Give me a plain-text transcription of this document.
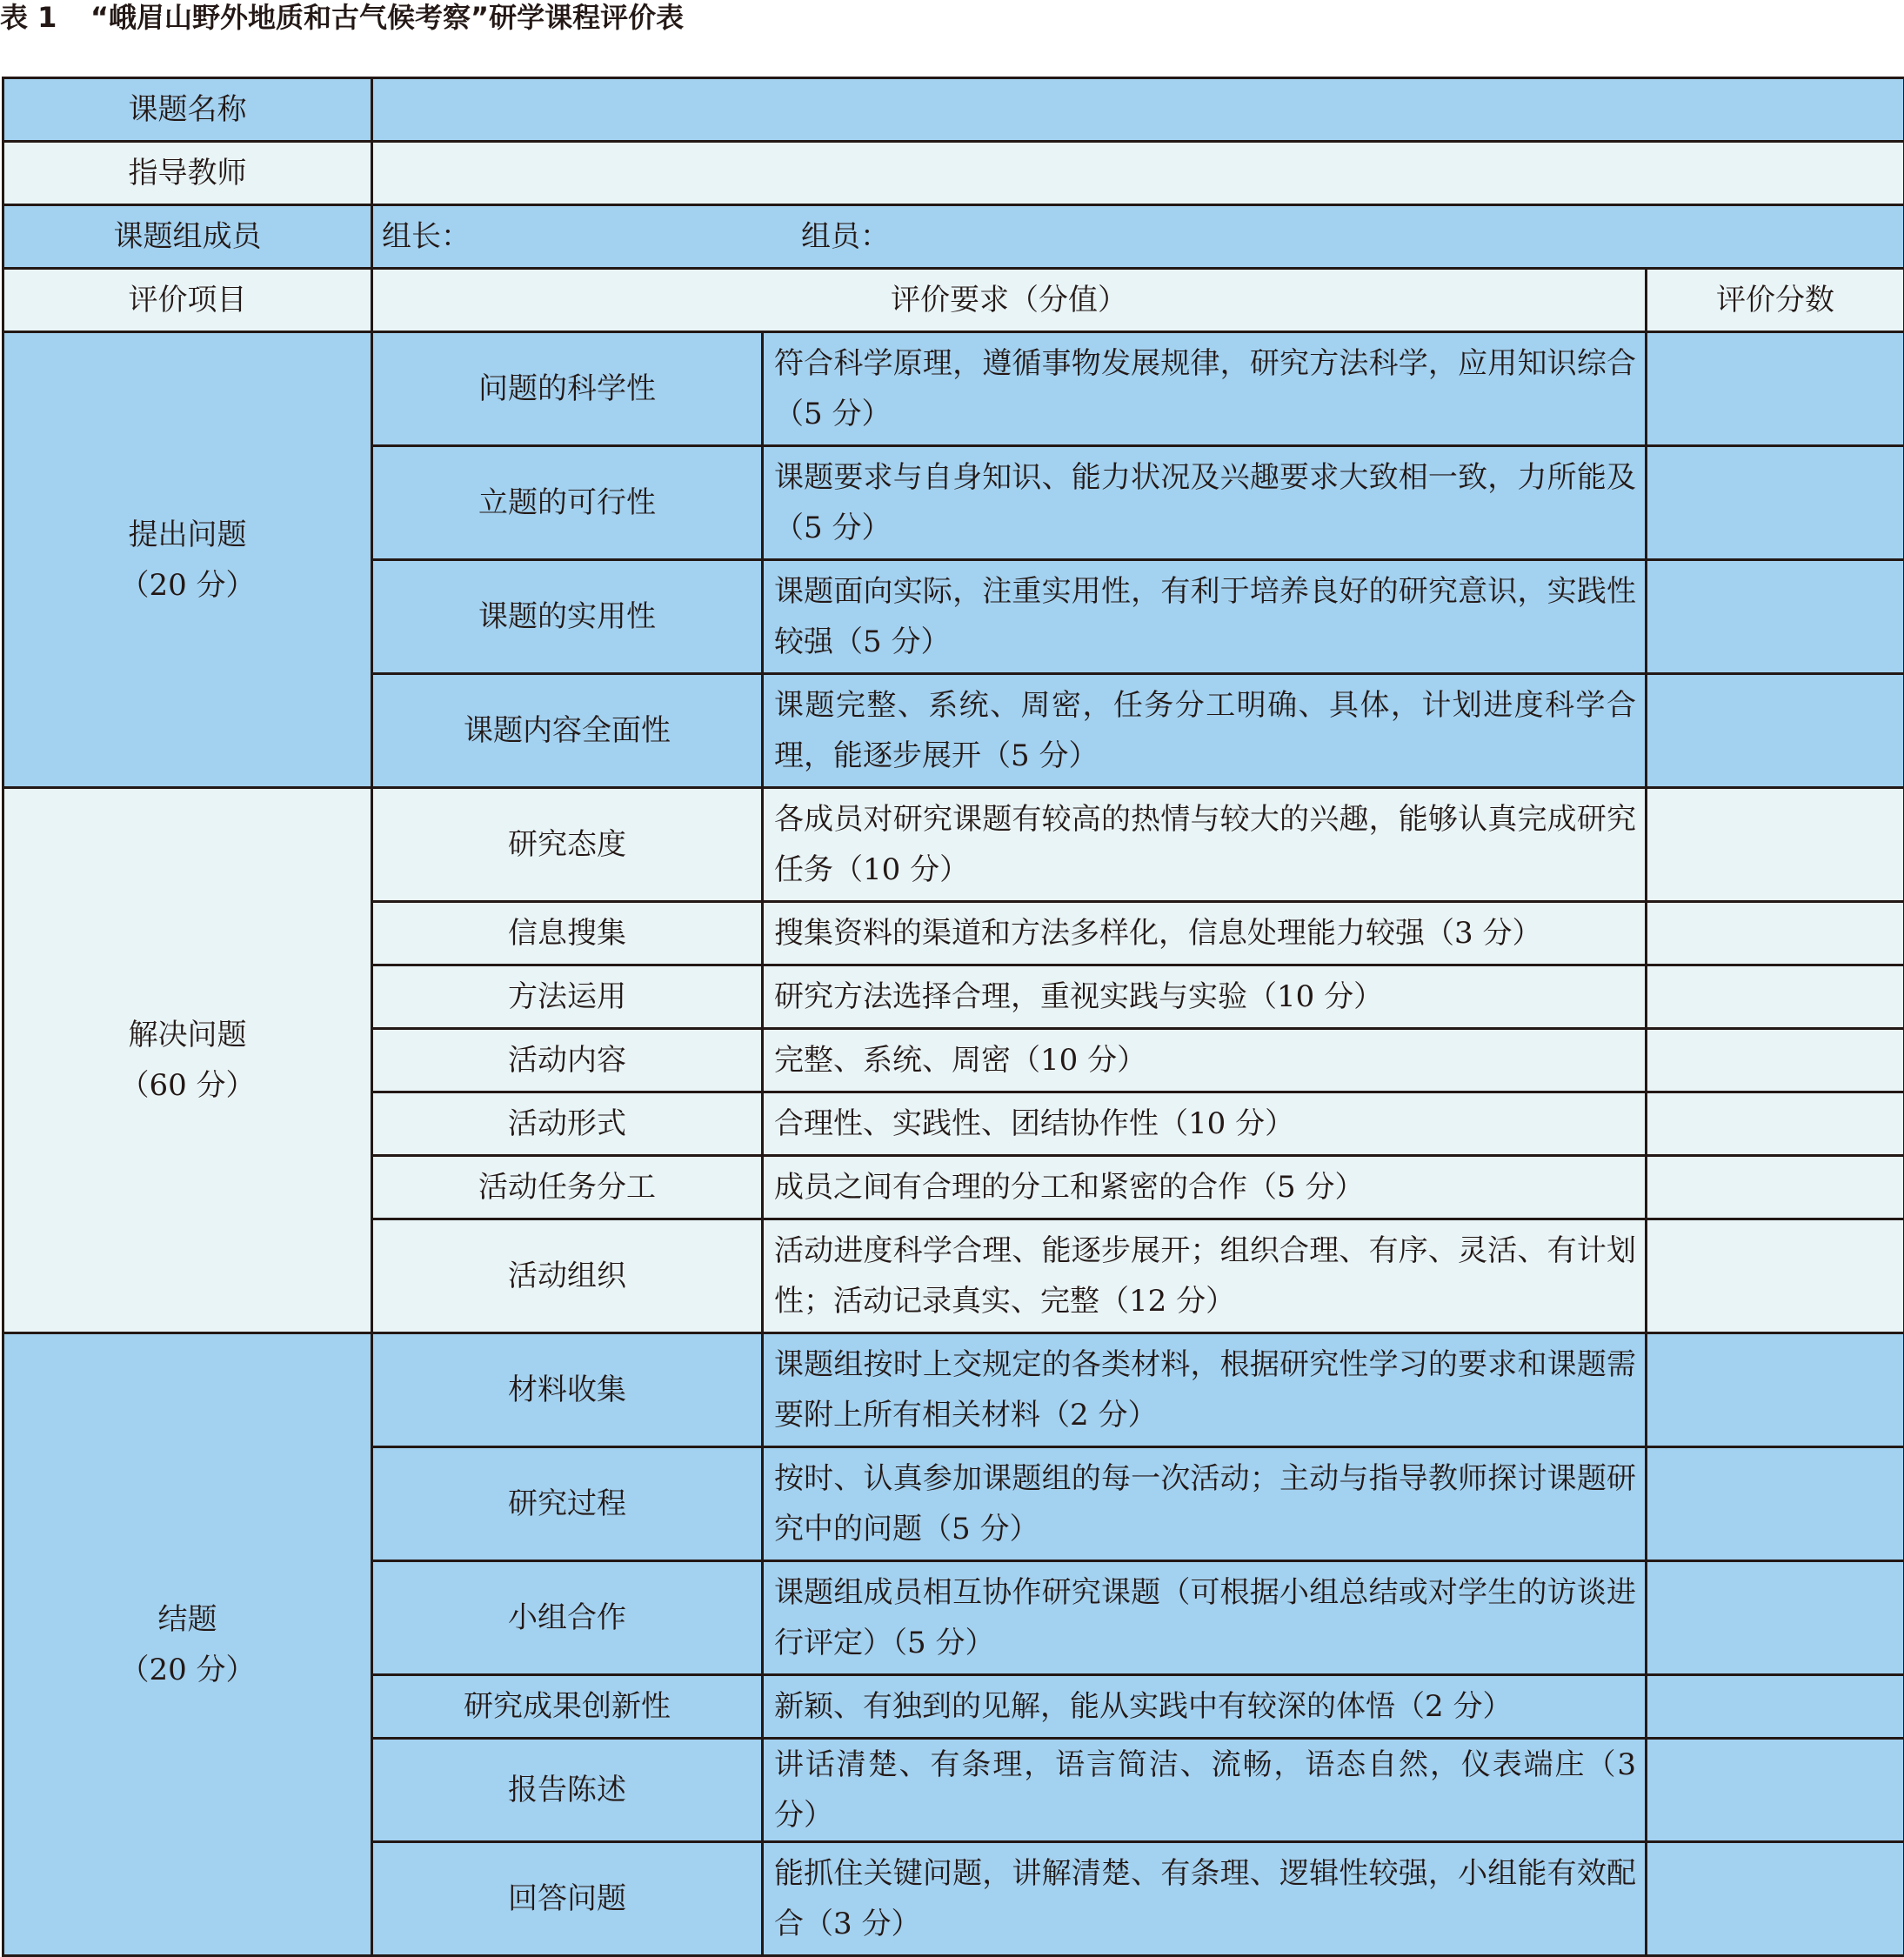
表 1 “峨眉山野外地质和古气候考察”研学课程评价表
课题名称			
指导教师			
课题组成员	组长： 组员：		
评价项目	评价要求（分值）		评价分数

提出问题
（20 分）	问题的科学性	符合科学原理，遵循事物发展规律，研究方法科学，应用知识综合（5 分）	
	立题的可行性	课题要求与自身知识、能力状况及兴趣要求大致相一致，力所能及（5 分）	
	课题的实用性	课题面向实际，注重实用性，有利于培养良好的研究意识，实践性较强（5 分）	
	课题内容全面性	课题完整、系统、周密，任务分工明确、具体，计划进度科学合理，能逐步展开（5 分）	

解决问题
（60 分）	研究态度	各成员对研究课题有较高的热情与较大的兴趣，能够认真完成研究任务（10 分）	
	信息搜集	搜集资料的渠道和方法多样化，信息处理能力较强（3 分）	
	方法运用	研究方法选择合理，重视实践与实验（10 分）	
	活动内容	完整、系统、周密（10 分）	
	活动形式	合理性、实践性、团结协作性（10 分）	
	活动任务分工	成员之间有合理的分工和紧密的合作（5 分）	
	活动组织	活动进度科学合理、能逐步展开；组织合理、有序、灵活、有计划性；活动记录真实、完整（12 分）	

结题
（20 分）	材料收集	课题组按时上交规定的各类材料，根据研究性学习的要求和课题需要附上所有相关材料（2 分）	
	研究过程	按时、认真参加课题组的每一次活动；主动与指导教师探讨课题研究中的问题（5 分）	
	小组合作	课题组成员相互协作研究课题（可根据小组总结或对学生的访谈进行评定）（5 分）	
	研究成果创新性	新颖、有独到的见解，能从实践中有较深的体悟（2 分）	
	报告陈述	讲话清楚、有条理，语言简洁、流畅，语态自然，仪表端庄（3 分）	
	回答问题	能抓住关键问题，讲解清楚、有条理、逻辑性较强，小组能有效配合（3 分）	
